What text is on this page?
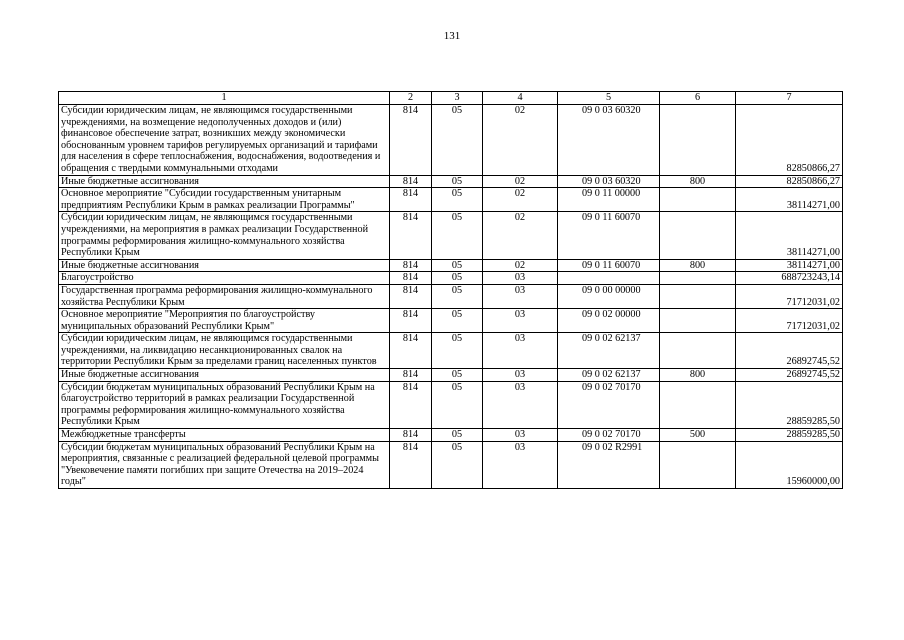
131
1	2	3	4	5	6	7
Субсидии юридическим лицам, не являющимся государственными учреждениями, на возмещение недополученных доходов и (или) финансовое обеспечение затрат, возникших между экономически обоснованным уровнем тарифов регулируемых организаций и тарифами для населения в сфере теплоснабжения, водоснабжения, водоотведения и обращения с твердыми коммунальными отходами	814	05	02	09 0 03 60320		82850866,27
Иные бюджетные ассигнования	814	05	02	09 0 03 60320	800	82850866,27
Основное мероприятие "Субсидии государственным унитарным предприятиям Республики Крым в рамках реализации Программы"	814	05	02	09 0 11 00000		38114271,00
Субсидии юридическим лицам, не являющимся государственными учреждениями, на мероприятия в рамках реализации Государственной программы реформирования жилищно-коммунального хозяйства Республики Крым	814	05	02	09 0 11 60070		38114271,00
Иные бюджетные ассигнования	814	05	02	09 0 11 60070	800	38114271,00
Благоустройство	814	05	03			688723243,14
Государственная программа реформирования жилищно-коммунального хозяйства Республики Крым	814	05	03	09 0 00 00000		71712031,02
Основное мероприятие "Мероприятия по благоустройству муниципальных образований Республики Крым"	814	05	03	09 0 02 00000		71712031,02
Субсидии юридическим лицам, не являющимся государственными учреждениями, на ликвидацию несанкционированных свалок на территории Республики Крым за пределами границ населенных пунктов	814	05	03	09 0 02 62137		26892745,52
Иные бюджетные ассигнования	814	05	03	09 0 02 62137	800	26892745,52
Субсидии бюджетам муниципальных образований Республики Крым на благоустройство территорий в рамках реализации Государственной программы реформирования жилищно-коммунального хозяйства Республики Крым	814	05	03	09 0 02 70170		28859285,50
Межбюджетные трансферты	814	05	03	09 0 02 70170	500	28859285,50
Субсидии бюджетам муниципальных образований Республики Крым на мероприятия, связанные с реализацией федеральной целевой программы "Увековечение памяти погибших при защите Отечества на 2019–2024 годы"	814	05	03	09 0 02 R2991		15960000,00
